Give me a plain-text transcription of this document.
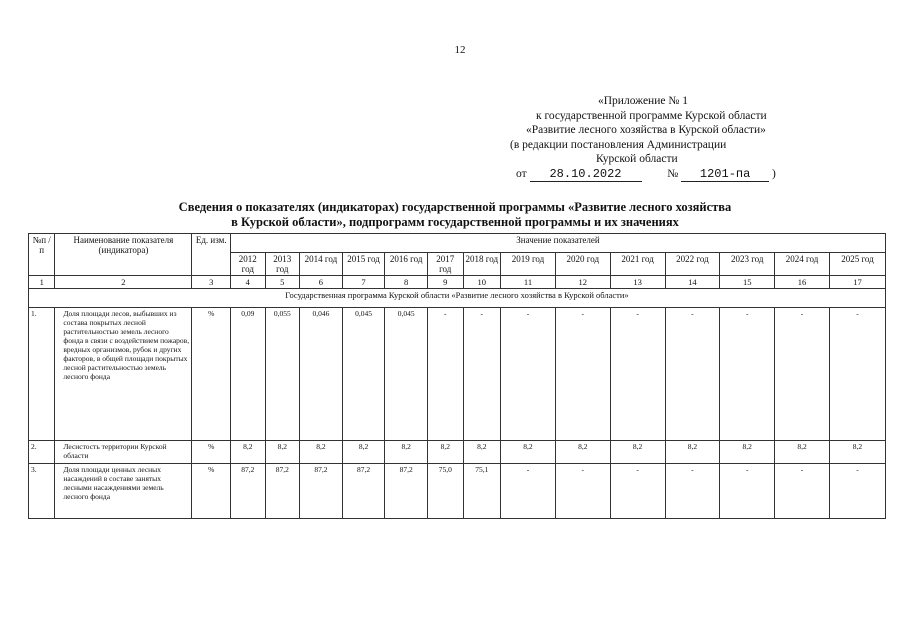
12
«Приложение № 1
к государственной программе Курской области
«Развитие лесного хозяйства в Курской области»
(в редакции постановления Администрации
Курской области
от 28.10.2022	№ 1201-па )
Сведения о показателях (индикаторах) государственной программы «Развитие лесного хозяйства
в Курской области», подпрограмм государственной программы и их значениях
№п /п	Наименование показателя (индикатора)	Ед. изм.	Значение показателей													
			2012 год	2013 год	2014 год	2015 год	2016 год	2017 год	2018 год	2019 год	2020 год	2021 год	2022 год	2023 год	2024 год	2025 год
1	2	3	4	5	6	7	8	9	10	11	12	13	14	15	16	17
Государственная программа Курской области «Развитие лесного хозяйства в Курской области»																
1.	Доля площади лесов, выбывших из состава покрытых лесной растительностью земель лесного фонда в связи с воздействием пожаров, вредных организмов, рубок и других факторов, в общей площади покрытых лесной растительностью земель лесного фонда	%	0,09	0,055	0,046	0,045	0,045	-	-	-	-	-	-	-	-	-
2.	Лесистость территории Курской области	%	8,2	8,2	8,2	8,2	8,2	8,2	8,2	8,2	8,2	8,2	8,2	8,2	8,2	8,2
3.	Доля площади ценных лесных насаждений в составе занятых лесными насаждениями земель лесного фонда	%	87,2	87,2	87,2	87,2	87,2	75,0	75,1	-	-	-	-	-	-	-
